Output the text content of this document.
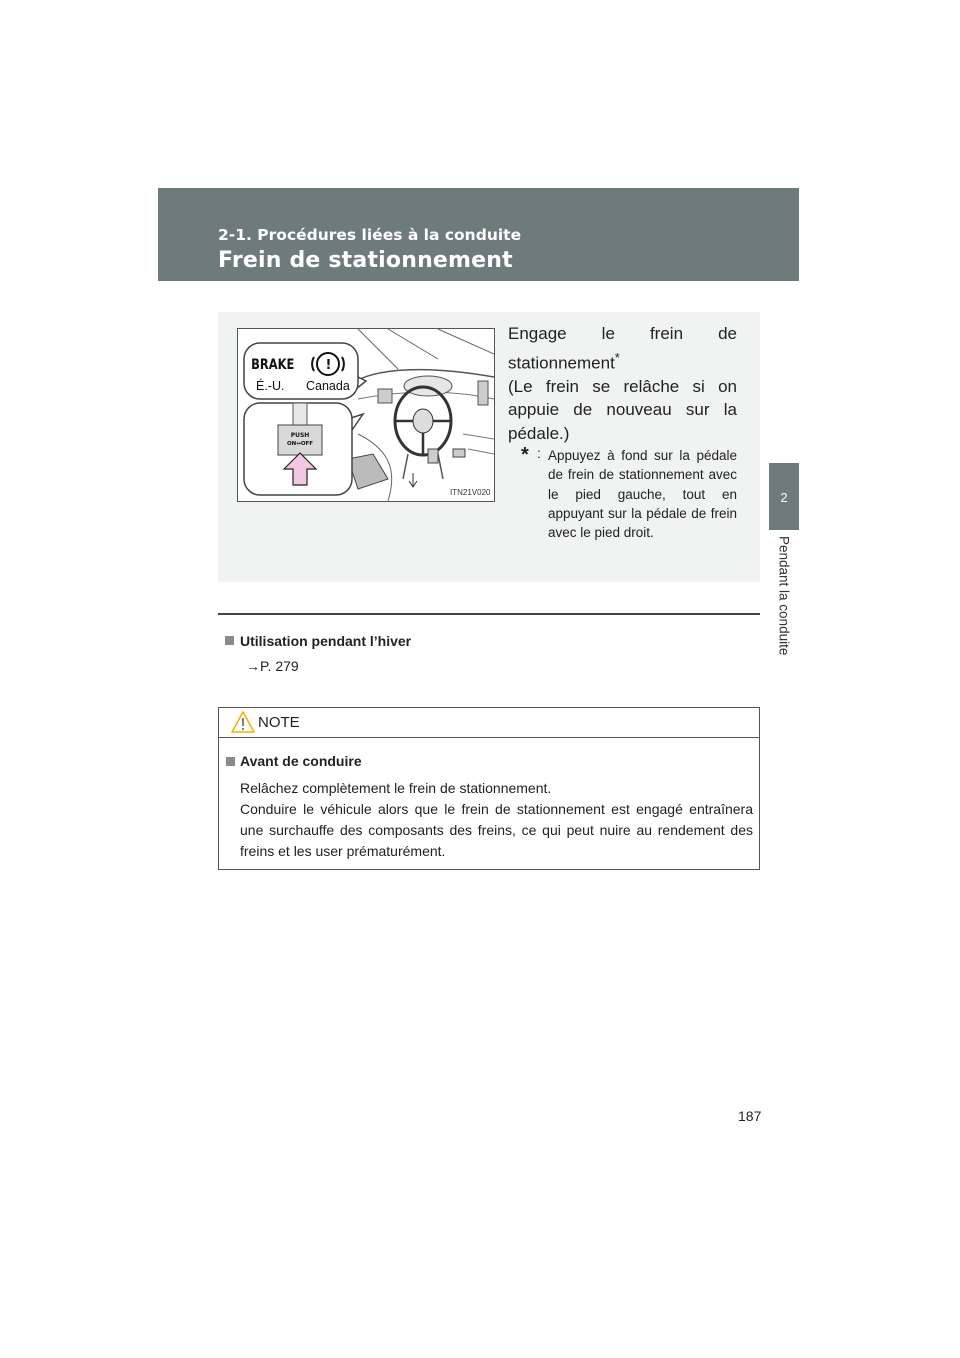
2-1. Procédures liées à la conduite
Frein de stationnement
2
Pendant la conduite
BRAKE !
É.-U. Canada
PUSH
ON↔OFF
ITN21V020
Engage le frein de stationnement*
(Le frein se relâche si on appuie de nouveau sur la pédale.)
* : Appuyez à fond sur la pédale de frein de stationnement avec le pied gauche, tout en appuyant sur la pédale de frein avec le pied droit.
Utilisation pendant l’hiver
→P. 279
NOTE
Avant de conduire
Relâchez complètement le frein de stationnement.
Conduire le véhicule alors que le frein de stationnement est engagé entraînera une surchauffe des composants des freins, ce qui peut nuire au rendement des freins et les user prématurément.
187
